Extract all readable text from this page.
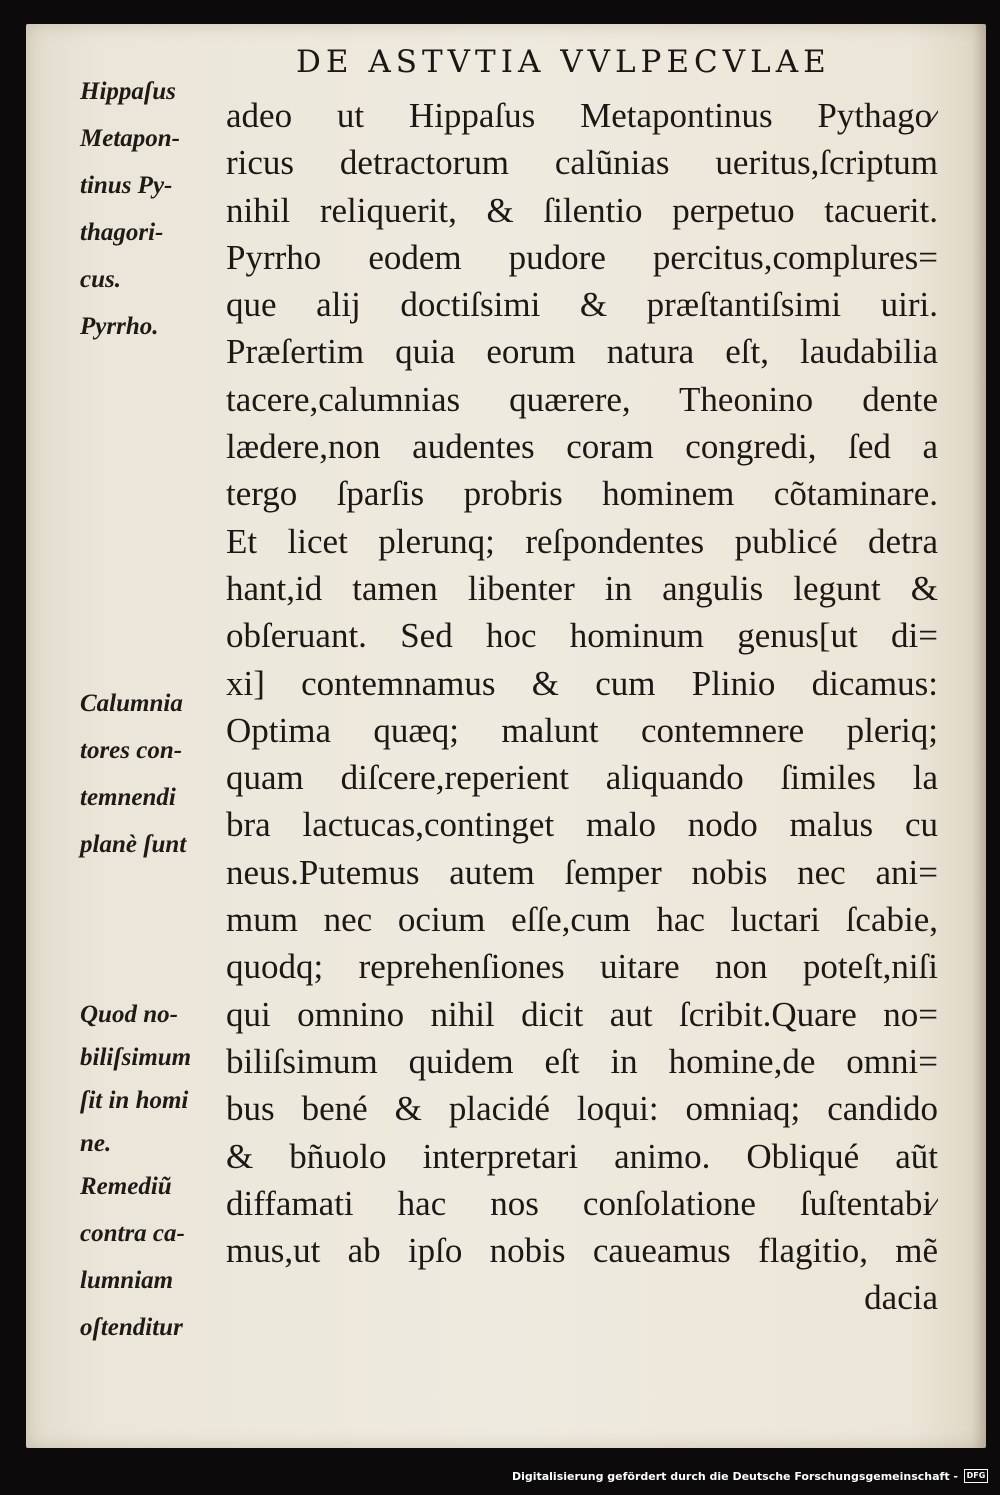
DE ASTVTIA VVLPECVLAE
adeo ut Hippaſus Metapontinus Pythago⁄
ricus detractorum calũnias ueritus,ſcriptum
nihil reliquerit, & ſilentio perpetuo tacuerit.
Pyrrho eodem pudore percitus,complures=
que alij doctiſsimi & præſtantiſsimi uiri.
Præſertim quia eorum natura eſt, laudabilia
tacere,calumnias quærere, Theonino dente
lædere,non audentes coram congredi, ſed a
tergo ſparſis probris hominem cõtaminare.
Et licet plerunq; reſpondentes publicé detra
hant,id tamen libenter in angulis legunt &
obſeruant. Sed hoc hominum genus[ut di=
xi] contemnamus & cum Plinio dicamus:
Optima quæq; malunt contemnere pleriq;
quam diſcere,reperient aliquando ſimiles la
bra lactucas,continget malo nodo malus cu
neus.Putemus autem ſemper nobis nec ani=
mum nec ocium eſſe,cum hac luctari ſcabie,
quodq; reprehenſiones uitare non poteſt,niſi
qui omnino nihil dicit aut ſcribit.Quare no=
biliſsimum quidem eſt in homine,de omni=
bus bené & placidé loqui: omniaq; candido
& bñuolo interpretari animo. Obliqué aũt
diffamati hac nos conſolatione ſuſtentabi⁄
mus,ut ab ipſo nobis caueamus flagitio, mẽ
dacia
Hippaſus
Metapon-
tinus Py-
thagori-
cus.
Pyrrho.
Calumnia
tores con-
temnendi
planè ſunt
Quod no-
biliſsimum
ſit in homi
ne.
Remediũ
contra ca-
lumniam
oſtenditur
Digitalisierung gefördert durch die Deutsche Forschungsgemeinschaft -	DFG
